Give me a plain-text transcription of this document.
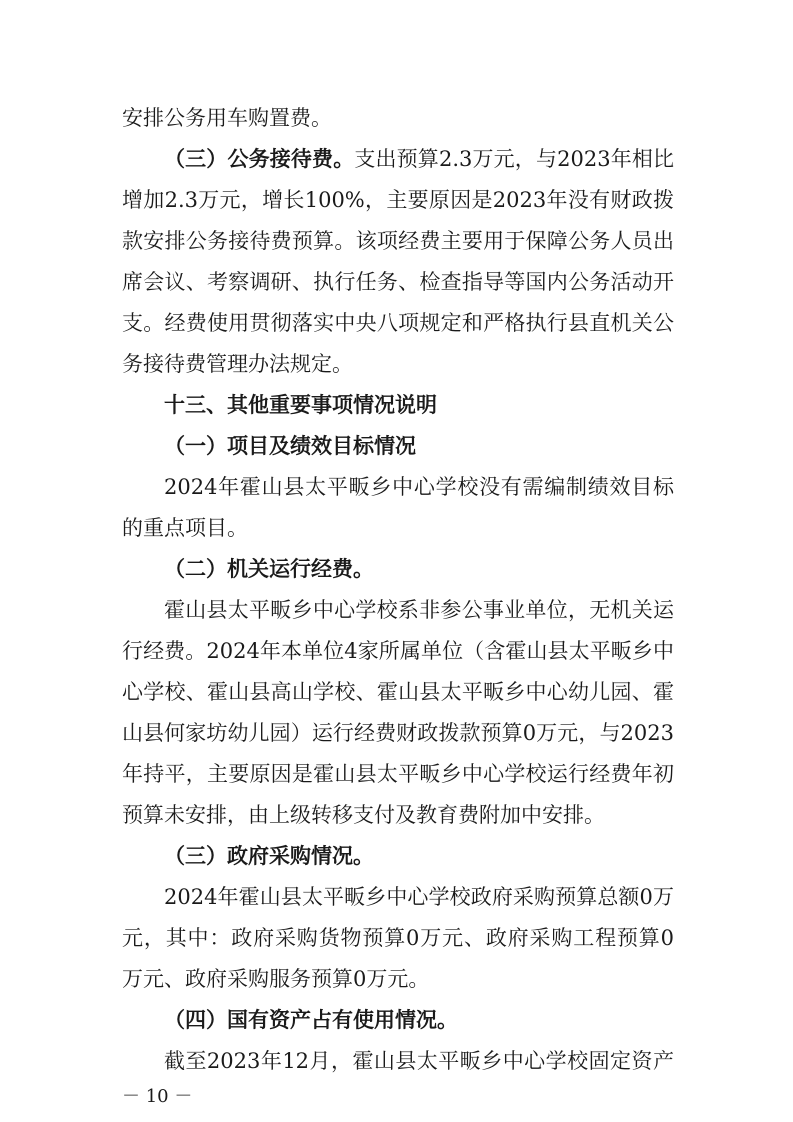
安排公务用车购置费。
（三）公务接待费。支出预算2.3万元，与2023年相比
增加2.3万元，增长100%，主要原因是2023年没有财政拨
款安排公务接待费预算。该项经费主要用于保障公务人员出
席会议、考察调研、执行任务、检查指导等国内公务活动开
支。经费使用贯彻落实中央八项规定和严格执行县直机关公
务接待费管理办法规定。
十三、其他重要事项情况说明
（一）项目及绩效目标情况
2024年霍山县太平畈乡中心学校没有需编制绩效目标
的重点项目。
（二）机关运行经费。
霍山县太平畈乡中心学校系非参公事业单位，无机关运
行经费。2024年本单位4家所属单位（含霍山县太平畈乡中
心学校、霍山县高山学校、霍山县太平畈乡中心幼儿园、霍
山县何家坊幼儿园）运行经费财政拨款预算0万元，与2023
年持平，主要原因是霍山县太平畈乡中心学校运行经费年初
预算未安排，由上级转移支付及教育费附加中安排。
（三）政府采购情况。
2024年霍山县太平畈乡中心学校政府采购预算总额0万
元，其中：政府采购货物预算0万元、政府采购工程预算0
万元、政府采购服务预算0万元。
（四）国有资产占有使用情况。
截至2023年12月，霍山县太平畈乡中心学校固定资产
－ 10 －
